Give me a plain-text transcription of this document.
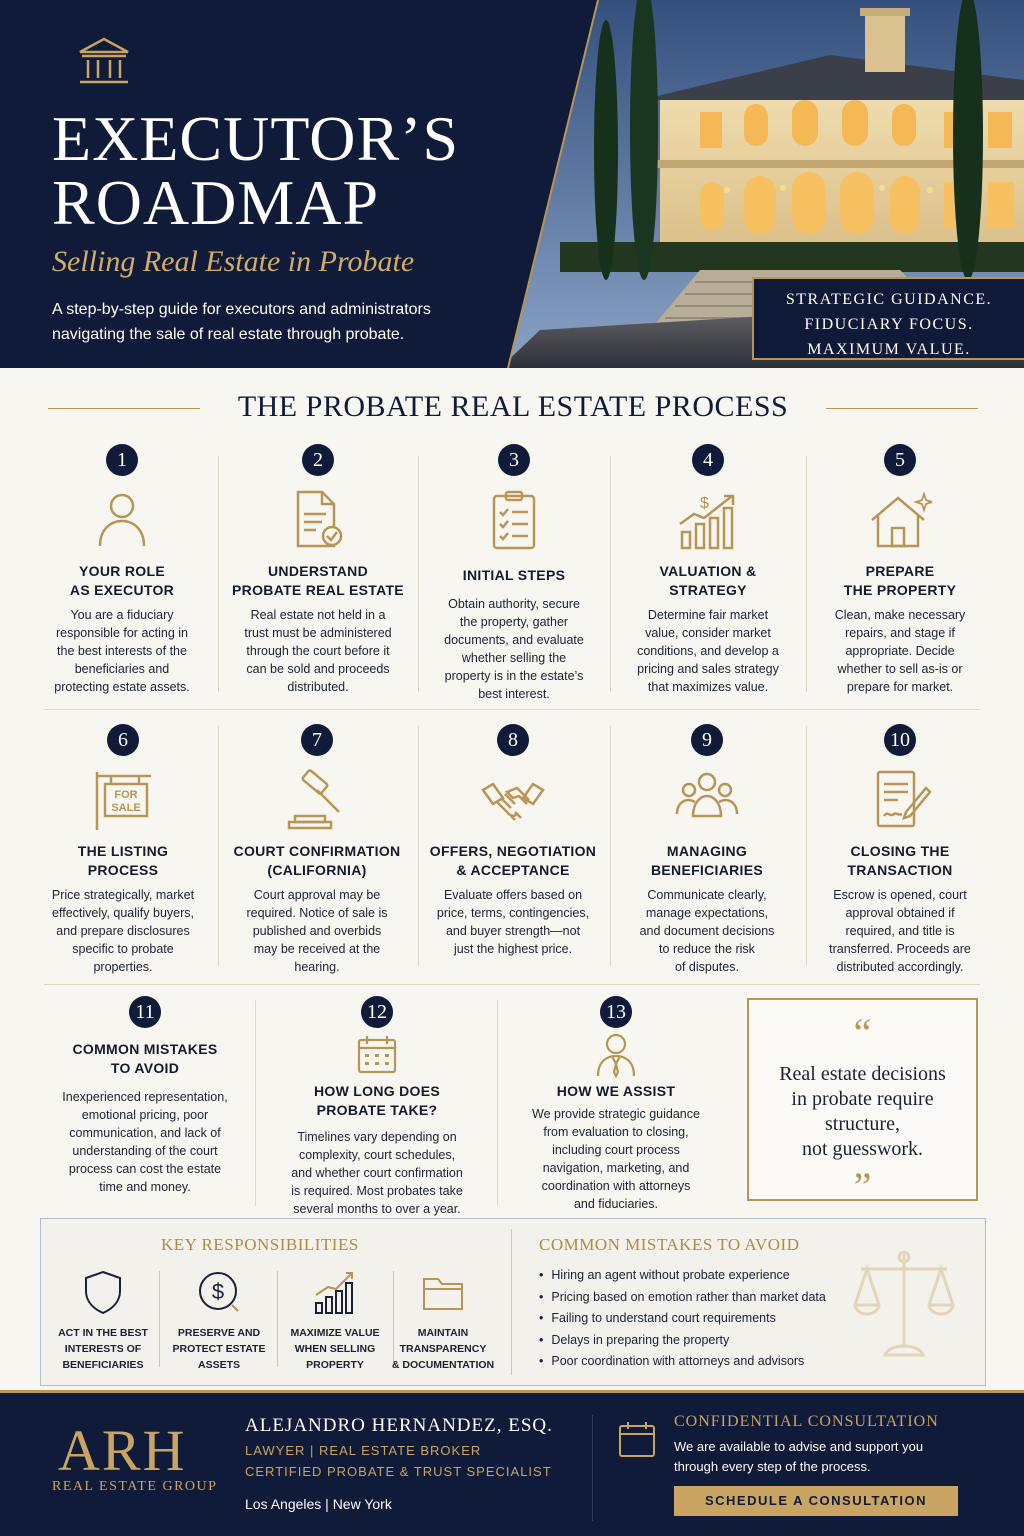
EXECUTOR’S
ROADMAP
Selling Real Estate in Probate
A step-by-step guide for executors and administrators navigating the sale of real estate through probate.
STRATEGIC GUIDANCE.
FIDUCIARY FOCUS.
MAXIMUM VALUE.
THE PROBATE REAL ESTATE PROCESS
1
YOUR ROLE
AS EXECUTOR
You are a fiduciary
responsible for acting in
the best interests of the
beneficiaries and
protecting estate assets.
2
UNDERSTAND
PROBATE REAL ESTATE
Real estate not held in a
trust must be administered
through the court before it
can be sold and proceeds
distributed.
3
INITIAL STEPS
Obtain authority, secure
the property, gather
documents, and evaluate
whether selling the
property is in the estate’s
best interest.
4
$
VALUATION &
STRATEGY
Determine fair market
value, consider market
conditions, and develop a
pricing and sales strategy
that maximizes value.
5
PREPARE
THE PROPERTY
Clean, make necessary
repairs, and stage if
appropriate. Decide
whether to sell as-is or
prepare for market.
6
FOR
SALE
THE LISTING
PROCESS
Price strategically, market
effectively, qualify buyers,
and prepare disclosures
specific to probate
properties.
7
COURT CONFIRMATION
(CALIFORNIA)
Court approval may be
required. Notice of sale is
published and overbids
may be received at the
hearing.
8
OFFERS, NEGOTIATION
& ACCEPTANCE
Evaluate offers based on
price, terms, contingencies,
and buyer strength—not
just the highest price.
9
MANAGING
BENEFICIARIES
Communicate clearly,
manage expectations,
and document decisions
to reduce the risk
of disputes.
10
CLOSING THE
TRANSACTION
Escrow is opened, court
approval obtained if
required, and title is
transferred. Proceeds are
distributed accordingly.
11
COMMON MISTAKES
TO AVOID
Inexperienced representation,
emotional pricing, poor
communication, and lack of
understanding of the court
process can cost the estate
time and money.
12
HOW LONG DOES
PROBATE TAKE?
Timelines vary depending on
complexity, court schedules,
and whether court confirmation
is required. Most probates take
several months to over a year.
13
HOW WE ASSIST
We provide strategic guidance
from evaluation to closing,
including court process
navigation, marketing, and
coordination with attorneys
and fiduciaries.
“
Real estate decisions
in probate require
structure,
not guesswork.
”
KEY RESPONSIBILITIES	COMMON MISTAKES TO AVOID
ACT IN THE BEST
INTERESTS OF
BENEFICIARIES
$
PRESERVE AND
PROTECT ESTATE
ASSETS
MAXIMIZE VALUE
WHEN SELLING
PROPERTY
MAINTAIN
TRANSPARENCY
& DOCUMENTATION
• Hiring an agent without probate experience
• Pricing based on emotion rather than market data
• Failing to understand court requirements
• Delays in preparing the property
• Poor coordination with attorneys and advisors
ARH
REAL ESTATE GROUP
ALEJANDRO HERNANDEZ, ESQ.
LAWYER | REAL ESTATE BROKER
CERTIFIED PROBATE & TRUST SPECIALIST
Los Angeles | New York
CONFIDENTIAL CONSULTATION
We are available to advise and support you through every step of the process.
SCHEDULE A CONSULTATION
